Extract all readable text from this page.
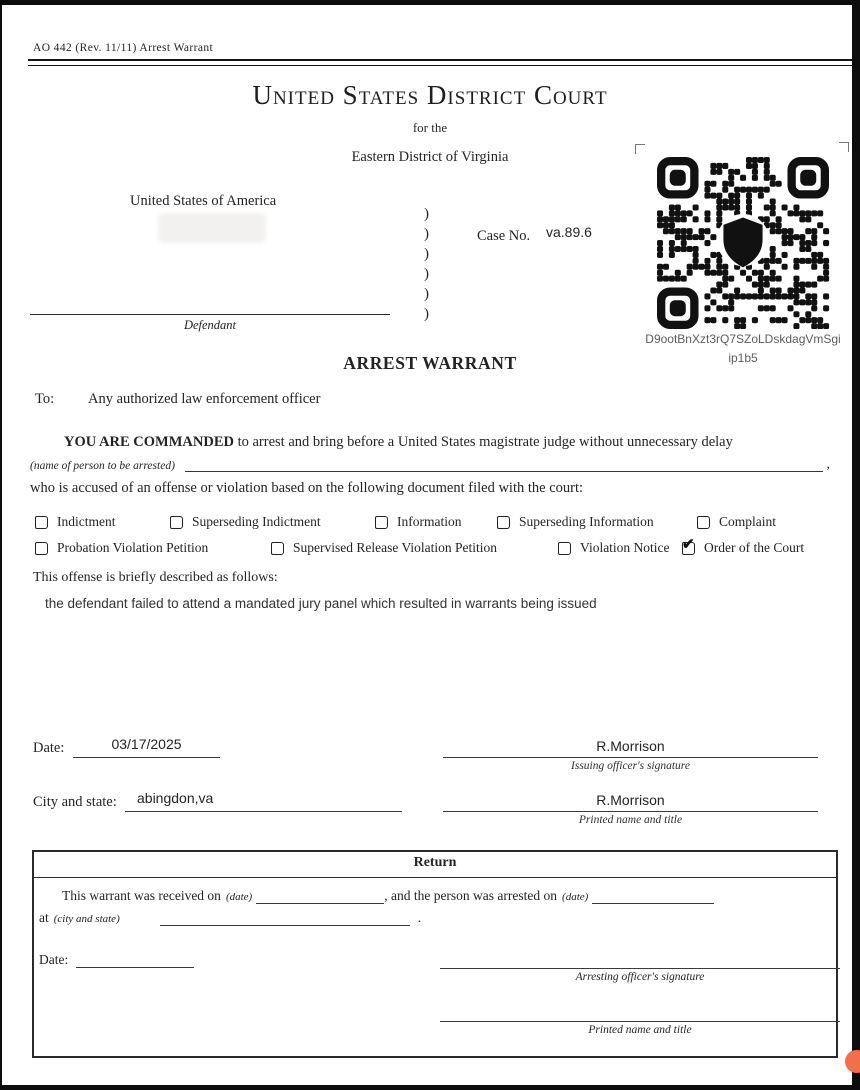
AO 442 (Rev. 11/11) Arrest Warrant
United States District Court
for the
Eastern District of Virginia
United States of America
Defendant
)
)
)
)
)
)
Case No. va.89.6
D9ootBnXzt3rQ7SZoLDskdagVmSgi
ip1b5
ARREST WARRANT
To: Any authorized law enforcement officer
YOU ARE COMMANDED to arrest and bring before a United States magistrate judge without unnecessary delay
(name of person to be arrested)	,
who is accused of an offense or violation based on the following document filed with the court:
Indictment	Superseding Indictment	Information	Superseding Information	Complaint
Probation Violation Petition	Supervised Release Violation Petition	Violation Notice ✔ Order of the Court
This offense is briefly described as follows:
the defendant failed to attend a mandated jury panel which resulted in warrants being issued
Date:	03/17/2025	R.Morrison
Issuing officer's signature
City and state:	abingdon,va	R.Morrison
Printed name and title
Return
This warrant was received on (date)	, and the person was arrested on (date)
at (city and state)	.
Date:
Arresting officer's signature
Printed name and title
